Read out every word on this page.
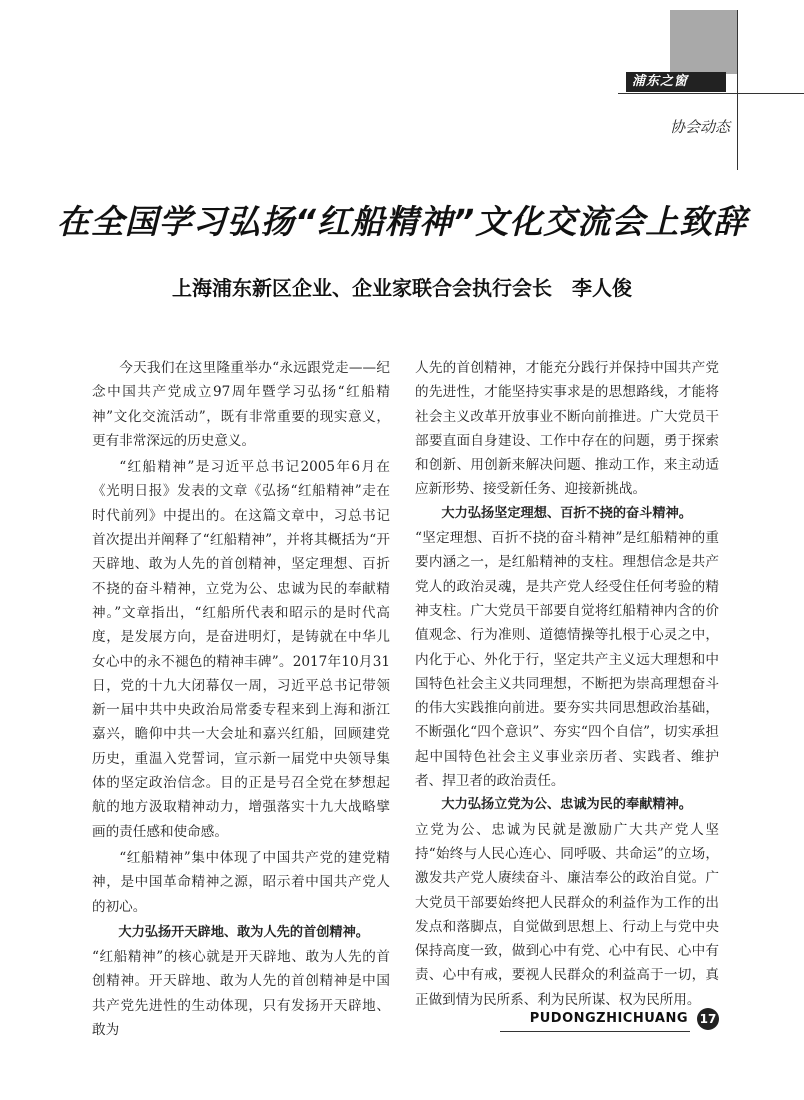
浦东之窗
协会动态
在全国学习弘扬“红船精神”文化交流会上致辞
上海浦东新区企业、企业家联合会执行会长　李人俊

今天我们在这里隆重举办“永远跟党走——纪念中国共产党成立97周年暨学习弘扬“红船精神”文化交流活动”，既有非常重要的现实意义，更有非常深远的历史意义。

“红船精神”是习近平总书记2005年6月在《光明日报》发表的文章《弘扬“红船精神”走在时代前列》中提出的。在这篇文章中，习总书记首次提出并阐释了“红船精神”，并将其概括为“开天辟地、敢为人先的首创精神，坚定理想、百折不挠的奋斗精神，立党为公、忠诚为民的奉献精神。”文章指出，“红船所代表和昭示的是时代高度，是发展方向，是奋进明灯，是铸就在中华儿女心中的永不褪色的精神丰碑”。2017年10月31日，党的十九大闭幕仅一周，习近平总书记带领新一届中共中央政治局常委专程来到上海和浙江嘉兴，瞻仰中共一大会址和嘉兴红船，回顾建党历史，重温入党誓词，宣示新一届党中央领导集体的坚定政治信念。目的正是号召全党在梦想起航的地方汲取精神动力，增强落实十九大战略擘画的责任感和使命感。

“红船精神”集中体现了中国共产党的建党精神，是中国革命精神之源，昭示着中国共产党人的初心。

大力弘扬开天辟地、敢为人先的首创精神。

“红船精神”的核心就是开天辟地、敢为人先的首创精神。开天辟地、敢为人先的首创精神是中国共产党先进性的生动体现，只有发扬开天辟地、敢为

人先的首创精神，才能充分践行并保持中国共产党的先进性，才能坚持实事求是的思想路线，才能将社会主义改革开放事业不断向前推进。广大党员干部要直面自身建设、工作中存在的问题，勇于探索和创新、用创新来解决问题、推动工作，来主动适应新形势、接受新任务、迎接新挑战。

大力弘扬坚定理想、百折不挠的奋斗精神。

“坚定理想、百折不挠的奋斗精神”是红船精神的重要内涵之一，是红船精神的支柱。理想信念是共产党人的政治灵魂，是共产党人经受住任何考验的精神支柱。广大党员干部要自觉将红船精神内含的价值观念、行为准则、道德情操等扎根于心灵之中，内化于心、外化于行，坚定共产主义远大理想和中国特色社会主义共同理想，不断把为崇高理想奋斗的伟大实践推向前进。要夯实共同思想政治基础，不断强化“四个意识”、夯实“四个自信”，切实承担起中国特色社会主义事业亲历者、实践者、维护者、捍卫者的政治责任。

大力弘扬立党为公、忠诚为民的奉献精神。

立党为公、忠诚为民就是激励广大共产党人坚持“始终与人民心连心、同呼吸、共命运”的立场，激发共产党人赓续奋斗、廉洁奉公的政治自觉。广大党员干部要始终把人民群众的利益作为工作的出发点和落脚点，自觉做到思想上、行动上与党中央保持高度一致，做到心中有党、心中有民、心中有责、心中有戒，要视人民群众的利益高于一切，真正做到情为民所系、利为民所谋、权为民所用。

PUDONGZHICHUANG 17
